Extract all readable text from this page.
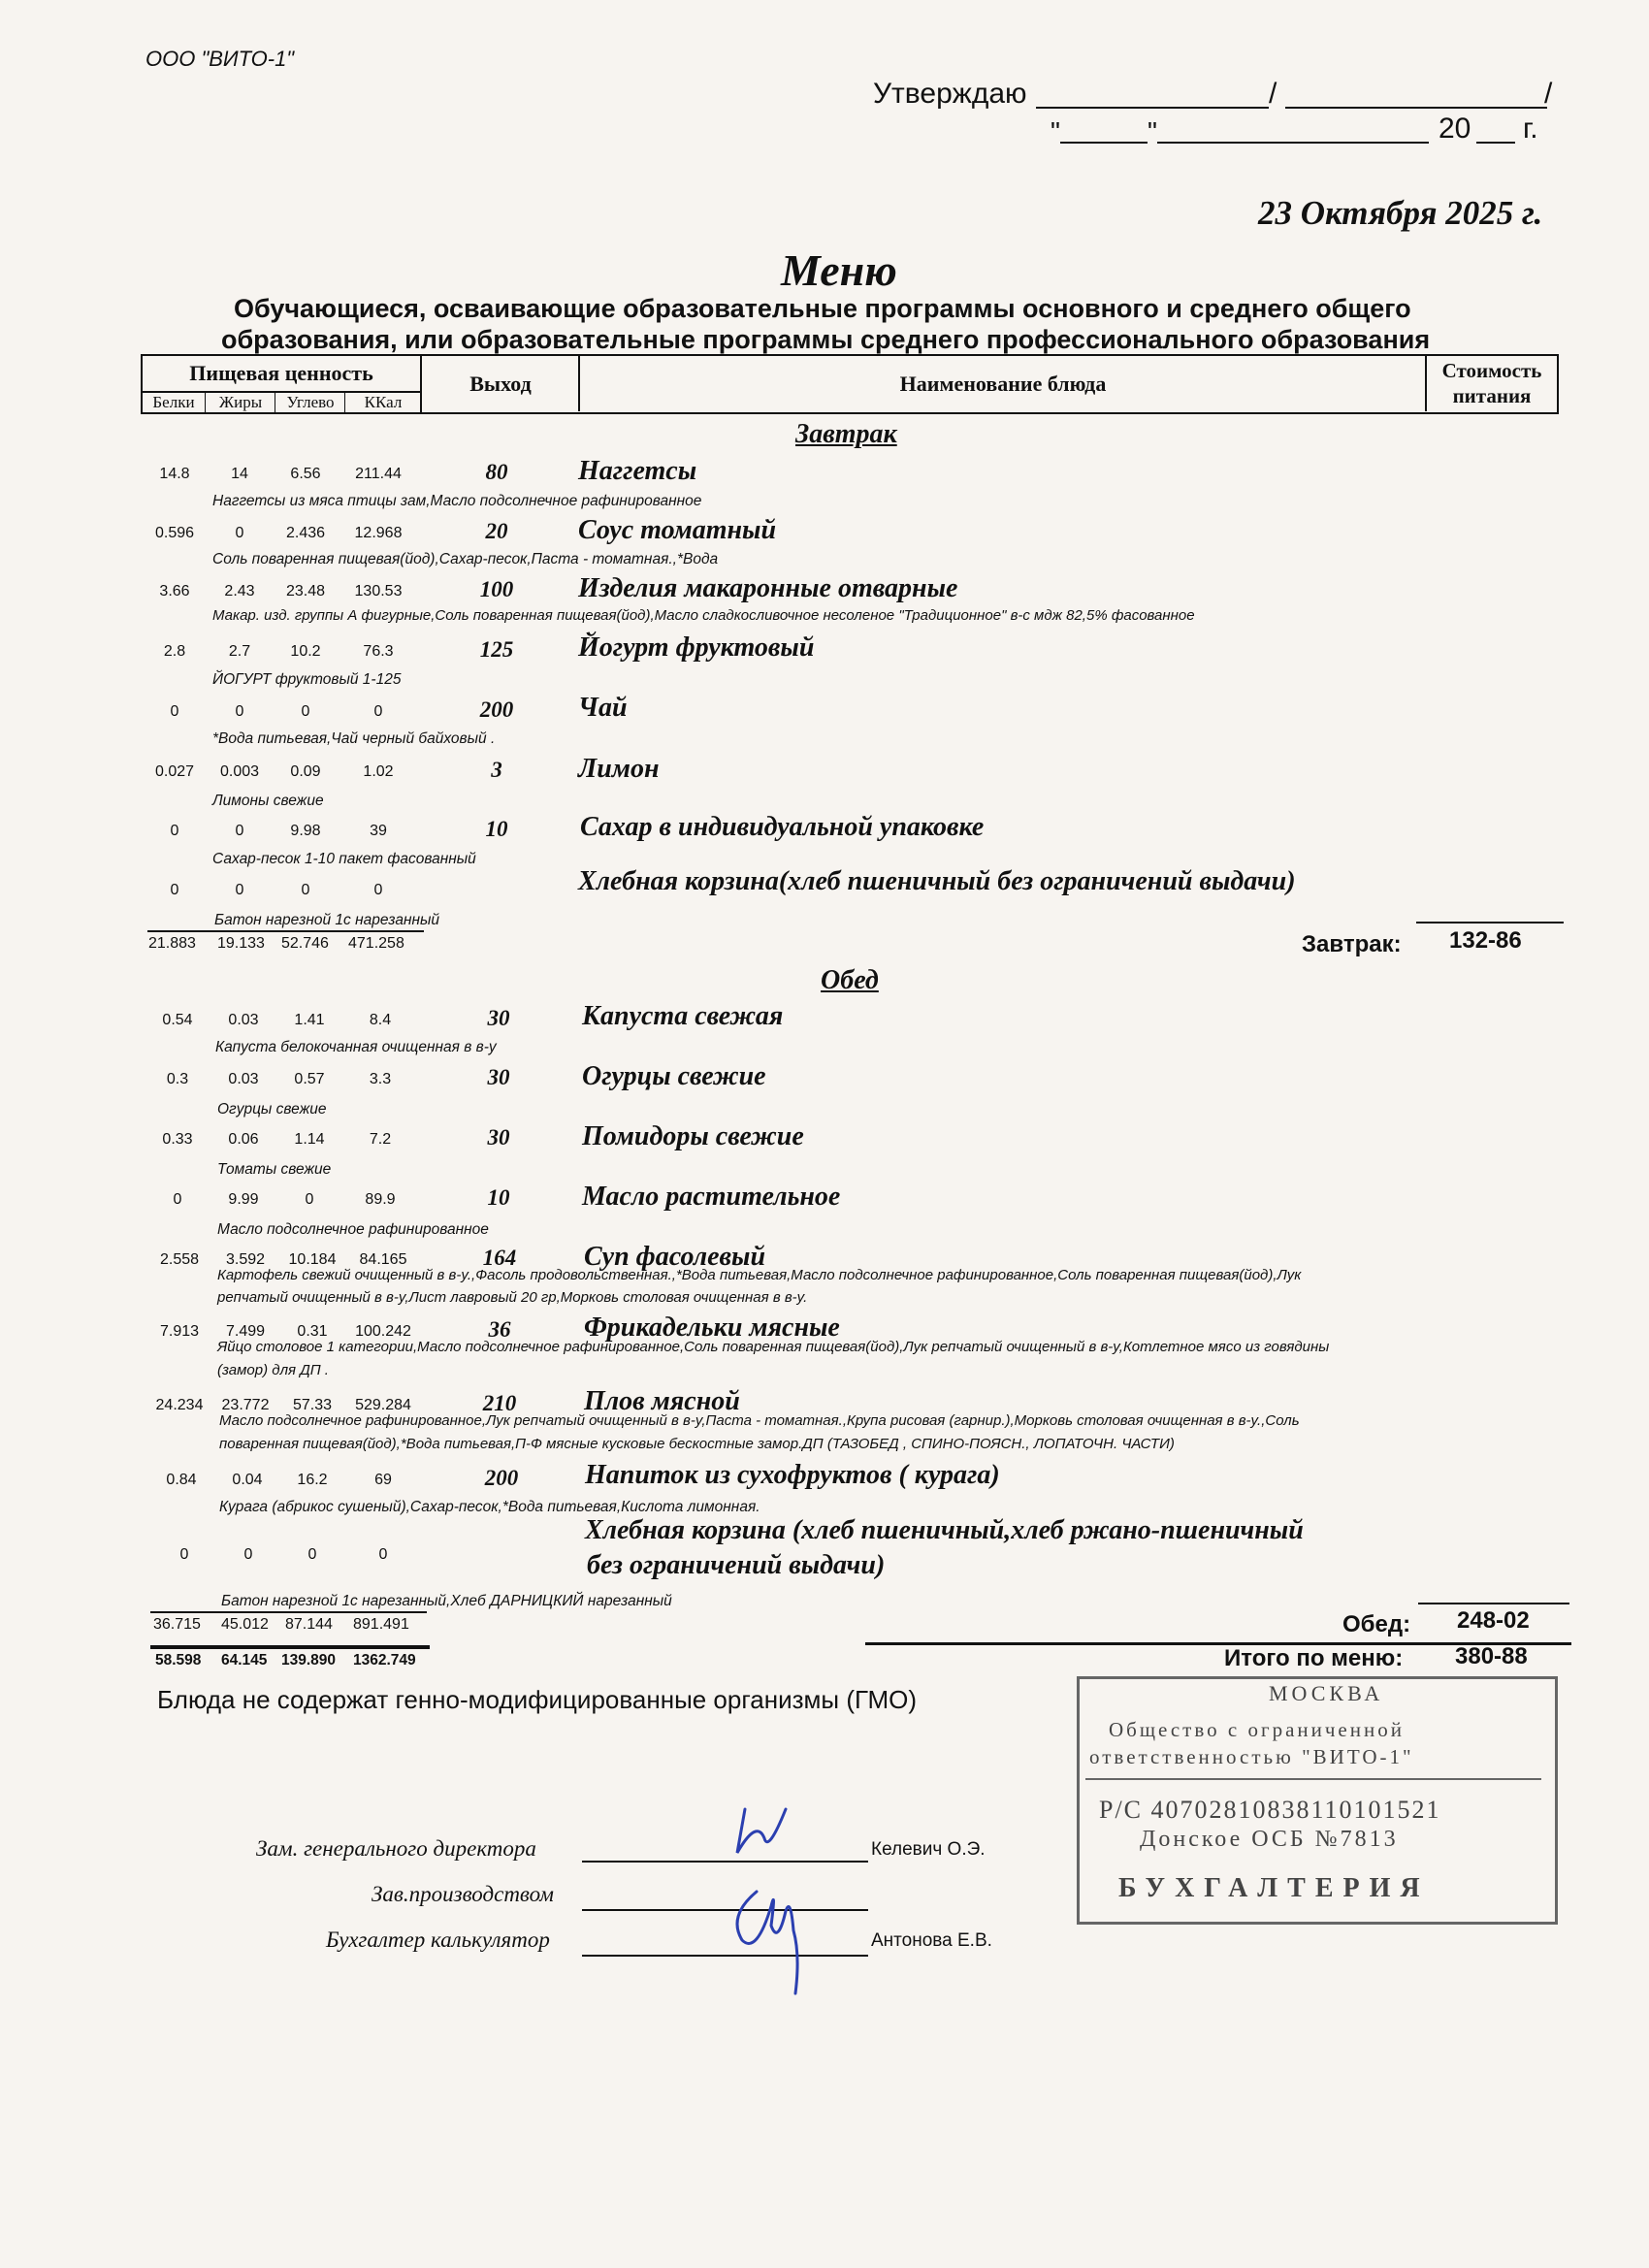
ООО "ВИТО-1"
Утверждаю	/	/
"	"	20 г.
23 Октября 2025 г.
Меню
Обучающиеся, осваивающие образовательные программы основного и среднего общего
образования, или образовательные программы среднего профессионального образования
Пищевая ценность
Белки	Жиры	Углево	ККал
Выход	Наименование блюда
Стоимость
питания
Завтрак
14.8	14	6.56	211.44	80	Наггетсы
Наггетсы из мяса птицы зам,Масло подсолнечное рафинированное
0.596	0	2.436	12.968	20	Соус томатный
Соль поваренная пищевая(йод),Сахар-песок,Паста - томатная.,*Вода
3.66	2.43	23.48	130.53	100	Изделия макаронные отварные
Макар. изд. группы А фигурные,Соль поваренная пищевая(йод),Масло сладкосливочное несоленое "Традиционное" в-с мдж 82,5% фасованное
2.8	2.7	10.2	76.3	125	Йогурт фруктовый
ЙОГУРТ фруктовый 1-125
0	0	0	0	200	Чай
*Вода питьевая,Чай черный байховый .
0.027	0.003	0.09	1.02	3	Лимон
Лимоны свежие
0	0	9.98	39	10	Сахар в индивидуальной упаковке
Сахар-песок 1-10 пакет фасованный
0	0	0	0	Хлебная корзина(хлеб пшеничный без ограничений выдачи)
Батон нарезной 1с нарезанный
21.883 19.133 52.746 471.258	Завтрак: 132-86
Обед
0.54	0.03	1.41	8.4	30	Капуста свежая
Капуста белокочанная очищенная в в-у
0.3	0.03	0.57	3.3	30	Огурцы свежие
Огурцы свежие
0.33	0.06	1.14	7.2	30	Помидоры свежие
Томаты свежие
0	9.99	0	89.9	10	Масло растительное
Масло подсолнечное рафинированное
2.558	3.592	10.184	84.165	164	Суп фасолевый
Картофель свежий очищенный в в-у.,Фасоль продовольственная.,*Вода питьевая,Масло подсолнечное рафинированное,Соль поваренная пищевая(йод),Лук
репчатый очищенный в в-у,Лист лавровый 20 гр,Морковь столовая очищенная в в-у.
7.913	7.499	0.31	100.242	36	Фрикадельки мясные
Яйцо столовое 1 категории,Масло подсолнечное рафинированное,Соль поваренная пищевая(йод),Лук репчатый очищенный в в-у,Котлетное мясо из говядины
(замор) для ДП .
24.234	23.772	57.33	529.284	210	Плов мясной
Масло подсолнечное рафинированное,Лук репчатый очищенный в в-у,Паста - томатная.,Крупа рисовая (гарнир.),Морковь столовая очищенная в в-у.,Соль
поваренная пищевая(йод),*Вода питьевая,П-Ф мясные кусковые бескостные замор.ДП (ТАЗОБЕД , СПИНО-ПОЯСН., ЛОПАТОЧН. ЧАСТИ)
0.84	0.04	16.2	69	200	Напиток из сухофруктов ( курага)
Курага (абрикос сушеный),Сахар-песок,*Вода питьевая,Кислота лимонная.
0	0	0	0
Хлебная корзина (хлеб пшеничный,хлеб ржано-пшеничный
без ограничений выдачи)
Батон нарезной 1с нарезанный,Хлеб ДАРНИЦКИЙ нарезанный
36.715 45.012 87.144 891.491	Обед: 248-02
58.598 64.145 139.890 1362.749	Итого по меню: 380-88
Блюда не содержат генно-модифицированные организмы (ГМО)
Зам. генерального директора	Келевич О.Э.
Зав.производством
Бухгалтер калькулятор	Антонова Е.В.
МОСКВА
Общество с ограниченной
ответственностью "ВИТО-1"
Р/С 40702810838110101521
Донское ОСБ №7813
БУХГАЛТЕРИЯ
